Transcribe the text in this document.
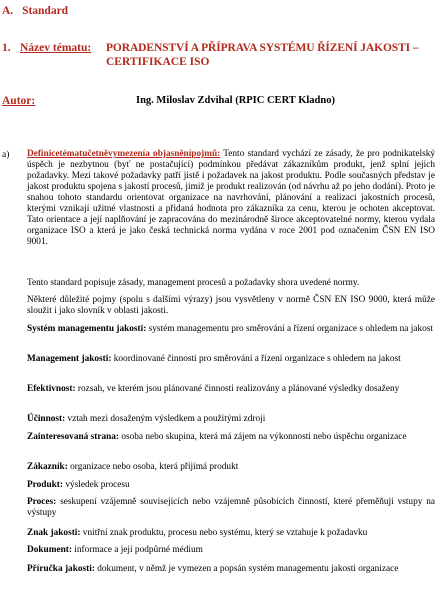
A. Standard
1. Název tématu: PORADENSTVÍ A PŘÍPRAVA SYSTÉMU ŘÍZENÍ JAKOSTI –
CERTIFIKACE ISO
Autor:	Ing. Miloslav Zdvihal (RPIC CERT Kladno)
a) Definicetématučetněvymezenía objasněnípojmů: Tento standard vychází ze zásady, že pro podnikatelský úspěch je nezbytnou (byť ne postačující) podmínkou předávat zákazníkům produkt, jenž splní jejich požadavky. Mezi takové požadavky patří jistě i požadavek na jakost produktu. Podle současných představ je jakost produktu spojena s jakostí procesů, jimiž je produkt realizován (od návrhu až po jeho dodání). Proto je snahou tohoto standardu orientovat organizace na navrhování, plánování a realizaci jakostních procesů, kterými vznikají užitné vlastnosti a přidaná hodnota pro zákazníka za cenu, kterou je ochoten akceptovat. Tato orientace a její naplňování je zapracována do mezinárodně široce akceptovatelné normy, kterou vydala organizace ISO a která je jako česká technická norma vydána v roce 2001 pod označením ČSN EN ISO 9001.
Tento standard popisuje zásady, management procesů a požadavky shora uvedené normy.
Některé důležité pojmy (spolu s dalšími výrazy) jsou vysvětleny v normě ČSN EN ISO 9000, která může sloužit i jako slovník v oblasti jakosti.
Systém managementu jakosti: systém managementu pro směrování a řízení organizace s ohledem na jakost
Management jakosti: koordinované činnosti pro směrování a řízení organizace s ohledem na jakost
Efektivnost: rozsah, ve kterém jsou plánované činnosti realizovány a plánované výsledky dosaženy
Účinnost: vztah mezi dosaženým výsledkem a použitými zdroji
Zainteresovaná strana: osoba nebo skupina, která má zájem na výkonnosti nebo úspěchu organizace
Zákazník: organizace nebo osoba, která přijímá produkt
Produkt: výsledek procesu
Proces: seskupení vzájemně souvisejících nebo vzájemně působících činností, které přeměňují vstupy na výstupy
Znak jakosti: vnitřní znak produktu, procesu nebo systému, který se vztahuje k požadavku
Dokument: informace a její podpůrné médium
Příručka jakosti: dokument, v němž je vymezen a popsán systém managementu jakosti organizace
